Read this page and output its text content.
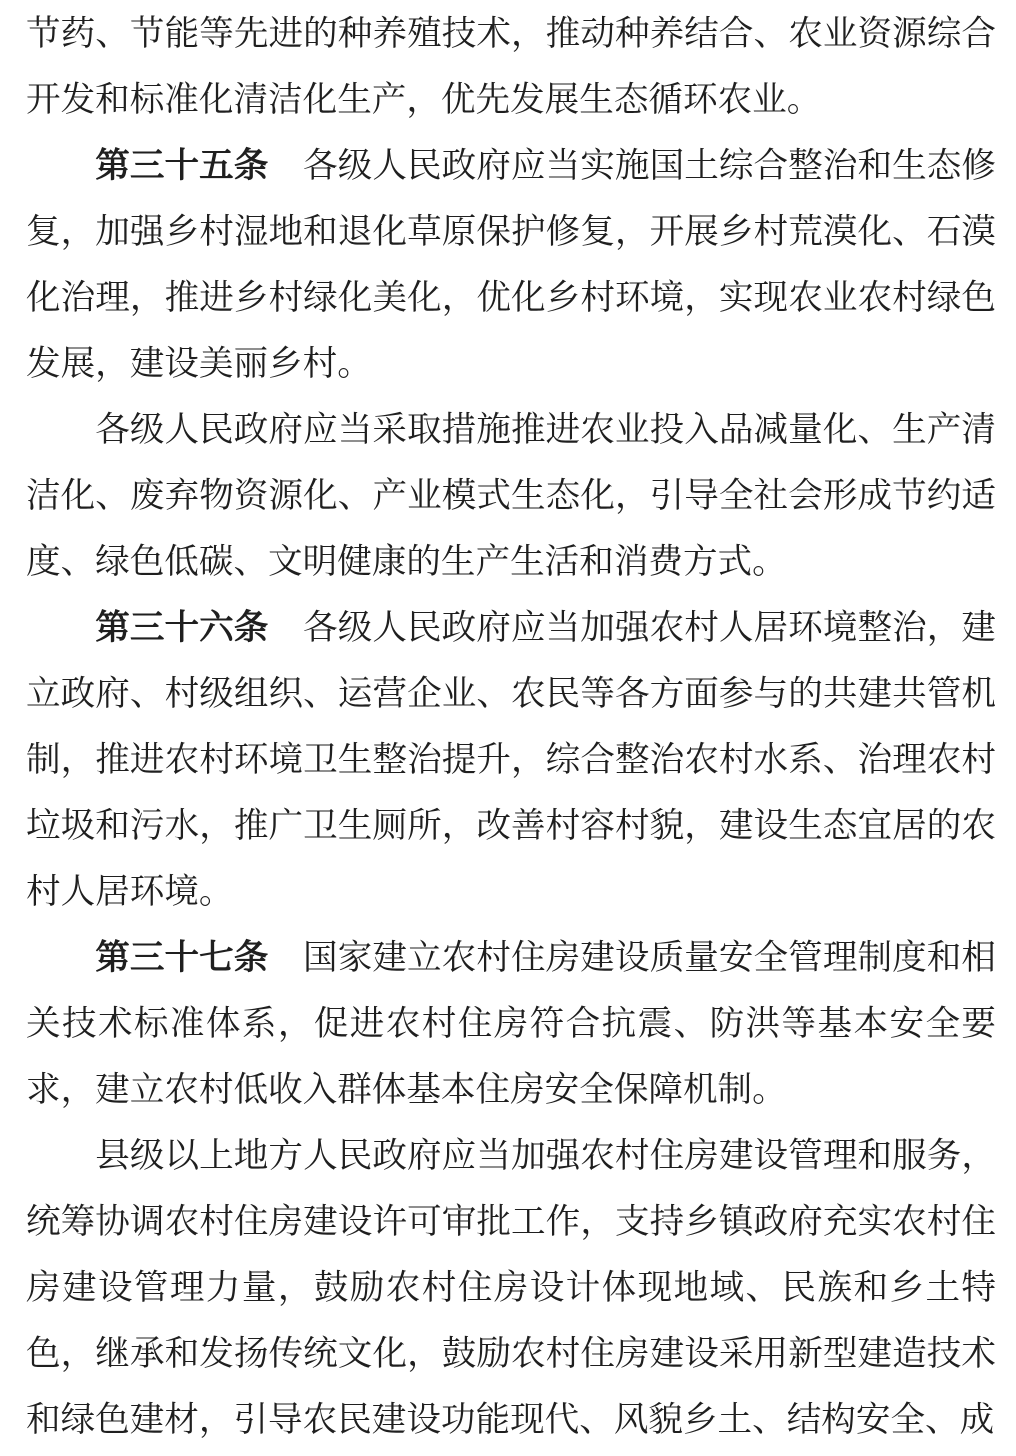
节药、节能等先进的种养殖技术，推动种养结合、农业资源综合开发和标准化清洁化生产，优先发展生态循环农业。

第三十五条 各级人民政府应当实施国土综合整治和生态修复，加强乡村湿地和退化草原保护修复，开展乡村荒漠化、石漠化治理，推进乡村绿化美化，优化乡村环境，实现农业农村绿色发展，建设美丽乡村。

各级人民政府应当采取措施推进农业投入品减量化、生产清洁化、废弃物资源化、产业模式生态化，引导全社会形成节约适度、绿色低碳、文明健康的生产生活和消费方式。

第三十六条 各级人民政府应当加强农村人居环境整治，建立政府、村级组织、运营企业、农民等各方面参与的共建共管机制，推进农村环境卫生整治提升，综合整治农村水系、治理农村垃圾和污水，推广卫生厕所，改善村容村貌，建设生态宜居的农村人居环境。

第三十七条 国家建立农村住房建设质量安全管理制度和相关技术标准体系，促进农村住房符合抗震、防洪等基本安全要求，建立农村低收入群体基本住房安全保障机制。

县级以上地方人民政府应当加强农村住房建设管理和服务，统筹协调农村住房建设许可审批工作，支持乡镇政府充实农村住房建设管理力量，鼓励农村住房设计体现地域、民族和乡土特色，继承和发扬传统文化，鼓励农村住房建设采用新型建造技术和绿色建材，引导农民建设功能现代、风貌乡土、结构安全、成
